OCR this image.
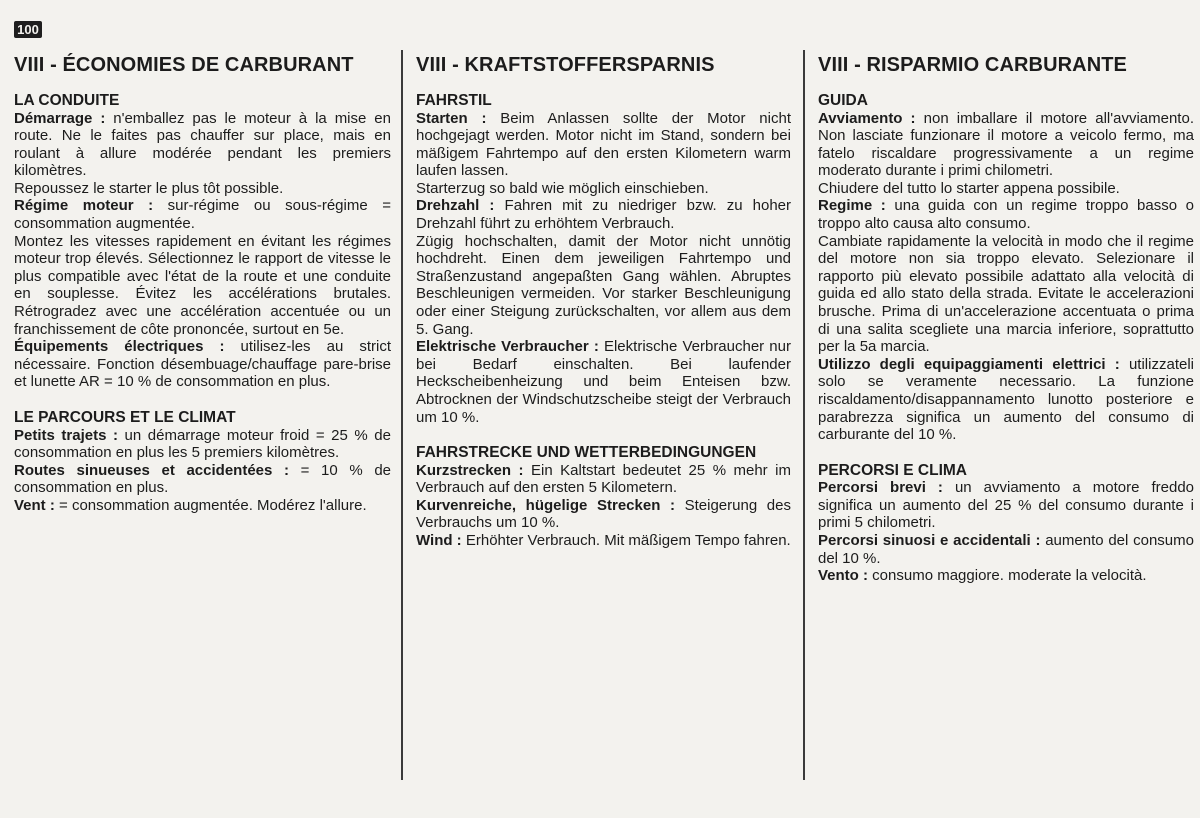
100
VIII - ÉCONOMIES DE CARBURANT
LA CONDUITE

Démarrage : n'emballez pas le moteur à la mise en route. Ne le faites pas chauffer sur place, mais en roulant à allure modérée pendant les premiers kilomètres.

Repoussez le starter le plus tôt possible.

Régime moteur : sur-régime ou sous-régime = consommation augmentée.

Montez les vitesses rapidement en évitant les régimes moteur trop élevés. Sélectionnez le rapport de vitesse le plus compatible avec l'état de la route et une conduite en souplesse. Évitez les accélérations brutales. Rétrogradez avec une accélération accentuée ou un franchissement de côte prononcée, surtout en 5e.

Équipements électriques : utilisez-les au strict nécessaire. Fonction désembuage/chauffage pare-brise et lunette AR = 10 % de consommation en plus.

LE PARCOURS ET LE CLIMAT

Petits trajets : un démarrage moteur froid = 25 % de consommation en plus les 5 premiers kilomètres.

Routes sinueuses et accidentées : = 10 % de consommation en plus.

Vent : = consommation augmentée. Modérez l'allure.

VIII - KRAFTSTOFFERSPARNIS
FAHRSTIL

Starten : Beim Anlassen sollte der Motor nicht hochgejagt werden. Motor nicht im Stand, sondern bei mäßigem Fahrtempo auf den ersten Kilometern warm laufen lassen.

Starterzug so bald wie möglich einschieben.

Drehzahl : Fahren mit zu niedriger bzw. zu hoher Drehzahl führt zu erhöhtem Verbrauch.

Zügig hochschalten, damit der Motor nicht unnötig hochdreht. Einen dem jeweiligen Fahrtempo und Straßenzustand angepaßten Gang wählen. Abruptes Beschleunigen vermeiden. Vor starker Beschleunigung oder einer Steigung zurückschalten, vor allem aus dem 5. Gang.

Elektrische Verbraucher : Elektrische Verbraucher nur bei Bedarf einschalten. Bei laufender Heckscheibenheizung und beim Enteisen bzw. Abtrocknen der Windschutzscheibe steigt der Verbrauch um 10 %.

FAHRSTRECKE UND WETTERBEDINGUNGEN

Kurzstrecken : Ein Kaltstart bedeutet 25 % mehr im Verbrauch auf den ersten 5 Kilometern.

Kurvenreiche, hügelige Strecken : Steigerung des Verbrauchs um 10 %.

Wind : Erhöhter Verbrauch. Mit mäßigem Tempo fahren.

VIII - RISPARMIO CARBURANTE
GUIDA

Avviamento : non imballare il motore all'avviamento. Non lasciate funzionare il motore a veicolo fermo, ma fatelo riscaldare progressivamente a un regime moderato durante i primi chilometri.

Chiudere del tutto lo starter appena possibile.

Regime : una guida con un regime troppo basso o troppo alto causa alto consumo.

Cambiate rapidamente la velocità in modo che il regime del motore non sia troppo elevato. Selezionare il rapporto più elevato possibile adattato alla velocità di guida ed allo stato della strada. Evitate le accelerazioni brusche. Prima di un'accelerazione accentuata o prima di una salita scegliete una marcia inferiore, soprattutto per la 5a marcia.

Utilizzo degli equipaggiamenti elettrici : utilizzateli solo se veramente necessario. La funzione riscaldamento/disappannamento lunotto posteriore e parabrezza significa un aumento del consumo di carburante del 10 %.

PERCORSI E CLIMA

Percorsi brevi : un avviamento a motore freddo significa un aumento del 25 % del consumo durante i primi 5 chilometri.

Percorsi sinuosi e accidentali : aumento del consumo del 10 %.

Vento : consumo maggiore. moderate la velocità.
